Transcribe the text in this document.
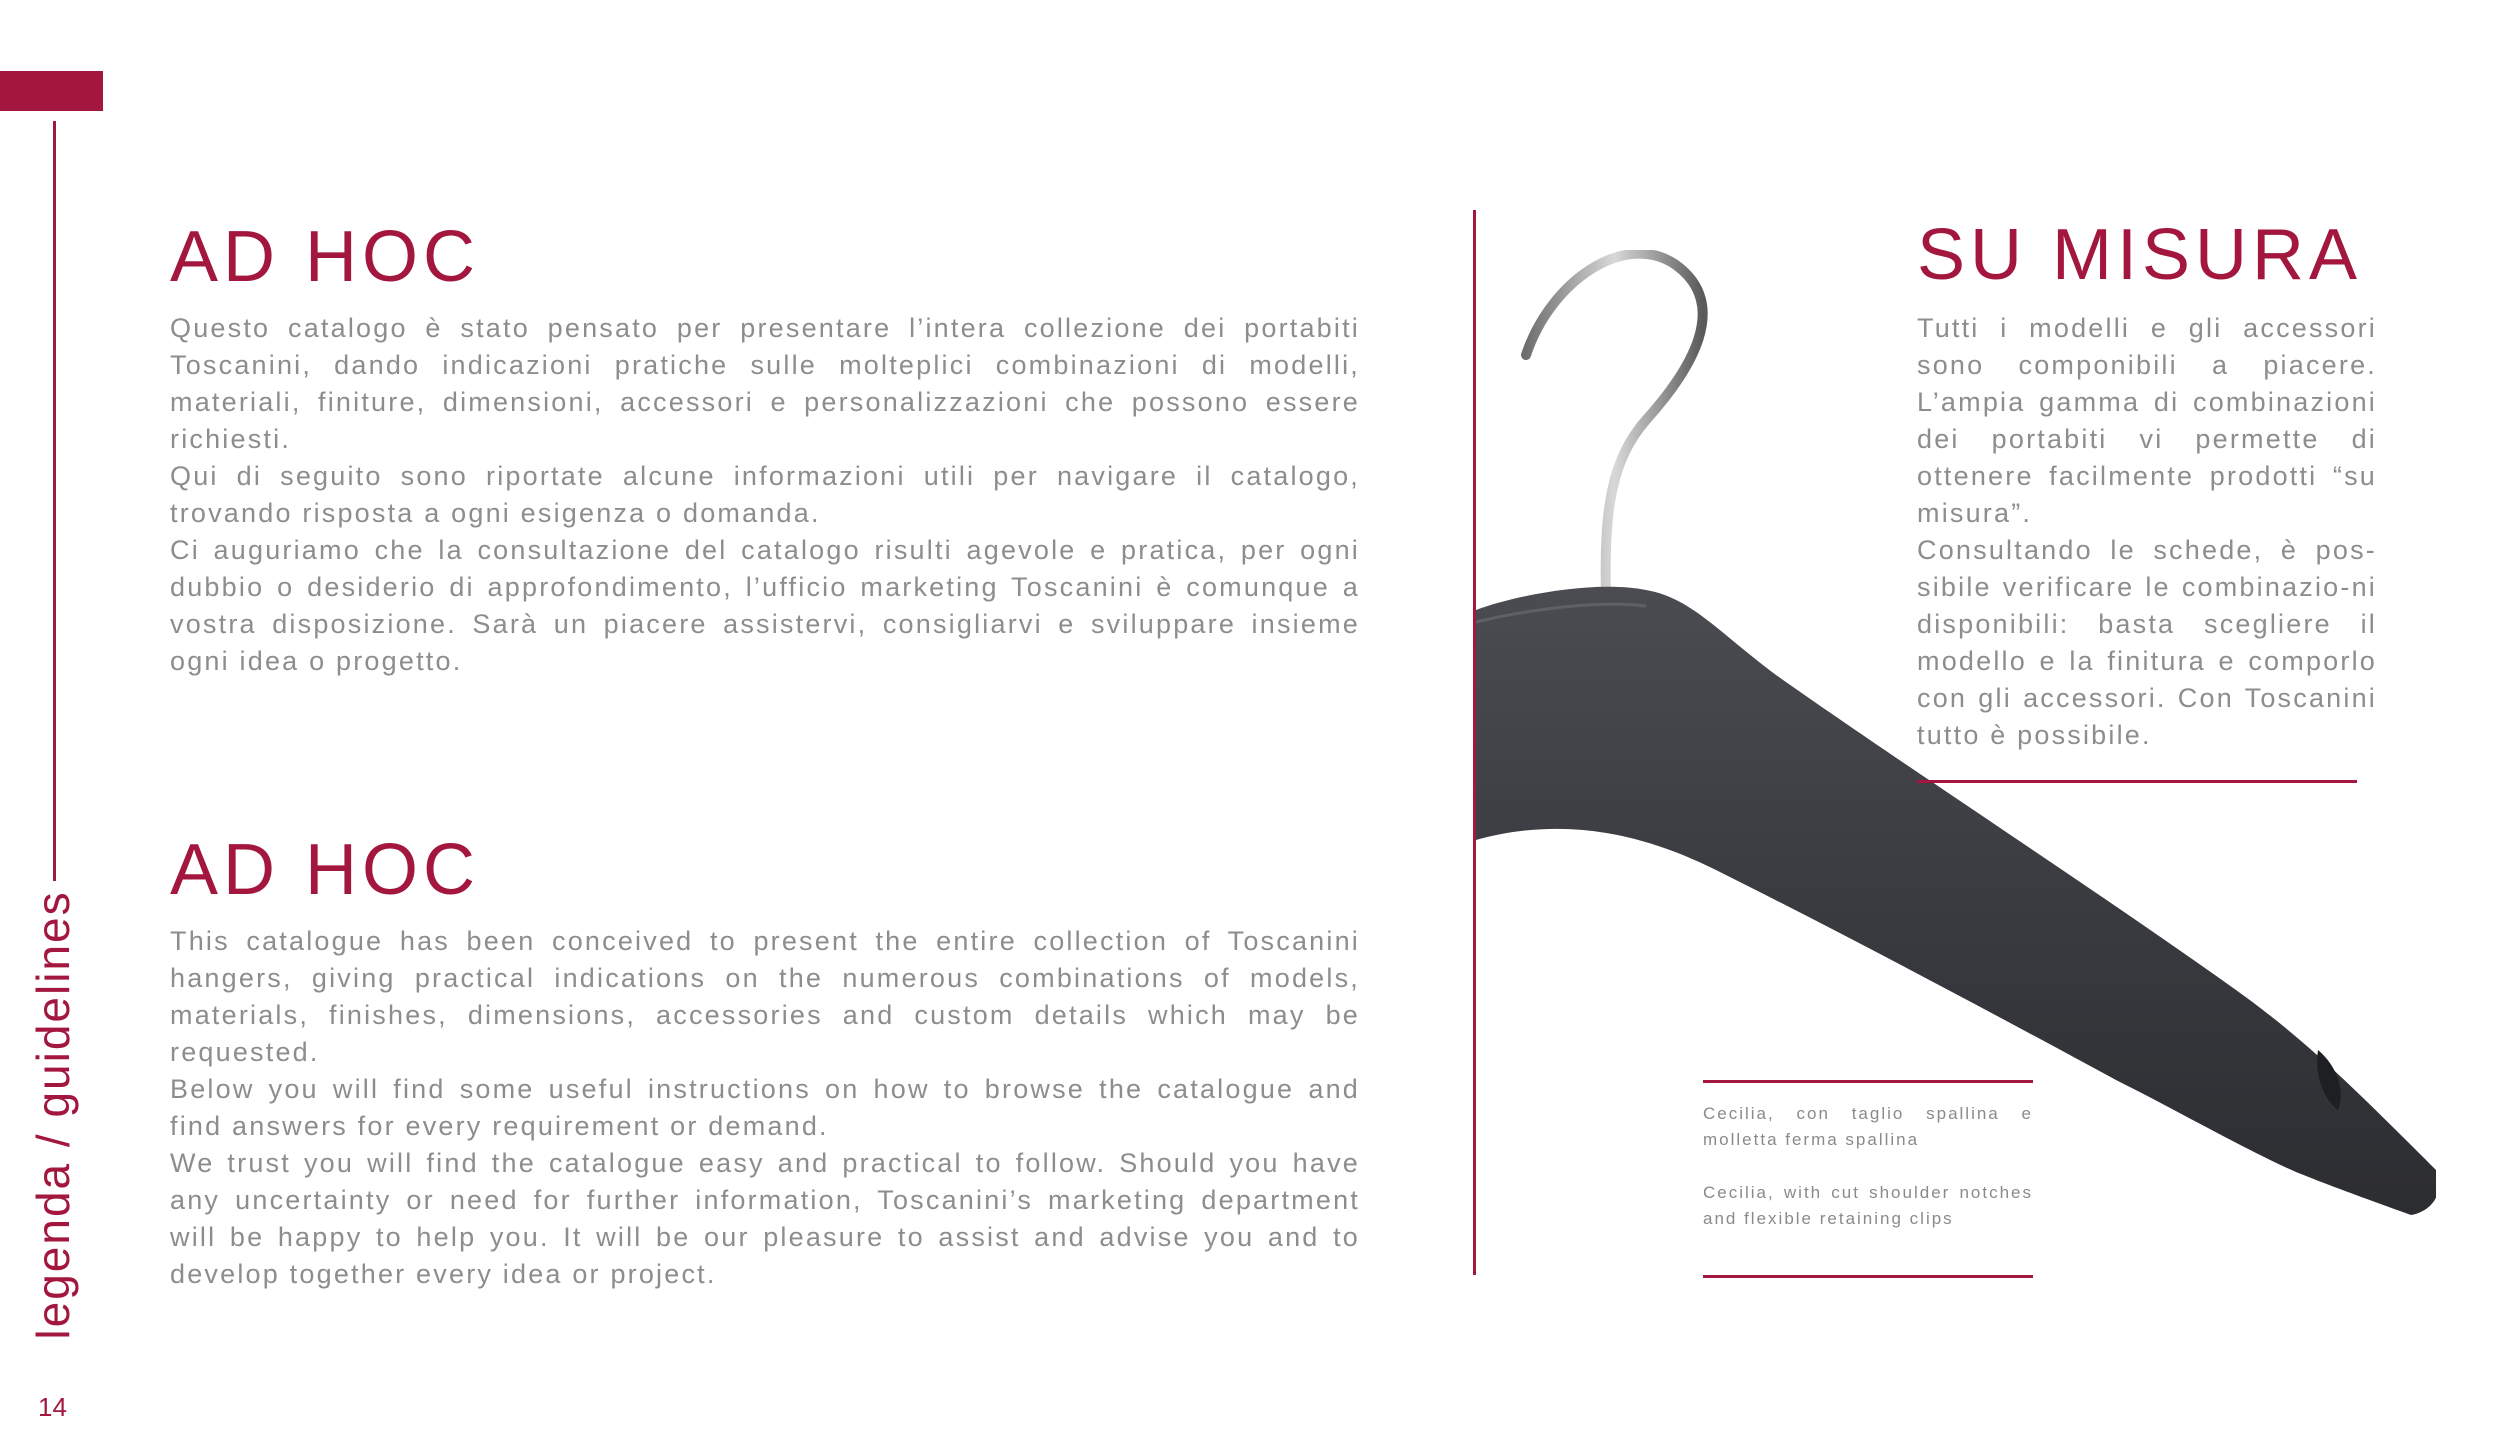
legenda / guidelines
14
AD HOC

Questo catalogo è stato pensato per presentare l’intera collezione dei portabiti Toscanini, dando indicazioni pratiche sulle molteplici combinazioni di modelli, materiali, finiture, dimensioni, accessori e personalizzazioni che possono essere richiesti.

Qui di seguito sono riportate alcune informazioni utili per navigare il catalogo, trovando risposta a ogni esigenza o domanda.

Ci auguriamo che la consultazione del catalogo risulti agevole e pratica, per ogni dubbio o desiderio di approfondimento, l’ufficio marketing Toscanini è comunque a vostra disposizione. Sarà un piacere assistervi, consigliarvi e sviluppare insieme ogni idea o progetto.

AD HOC

This catalogue has been conceived to present the entire collection of Toscanini hangers, giving practical indications on the numerous combinations of models, materials, finishes, dimensions, accessories and custom details which may be requested.

Below you will find some useful instructions on how to browse the catalogue and find answers for every requirement or demand.

We trust you will find the catalogue easy and practical to follow. Should you have any uncertainty or need for further information, Toscanini’s marketing department will be happy to help you. It will be our pleasure to assist and advise you and to develop together every idea or project.

SU MISURA

Tutti i modelli e gli accessori sono componibili a piacere. L’ampia gamma di combinazioni dei portabiti vi permette di ottenere facilmente prodotti “su misura”.

Consultando le schede, è pos-sibile verificare le combinazio-ni disponibili: basta scegliere il modello e la finitura e comporlo con gli accessori. Con Toscanini tutto è possibile.

Cecilia, con taglio spallina e molletta ferma spallina

Cecilia, with cut shoulder notches and flexible retaining clips
